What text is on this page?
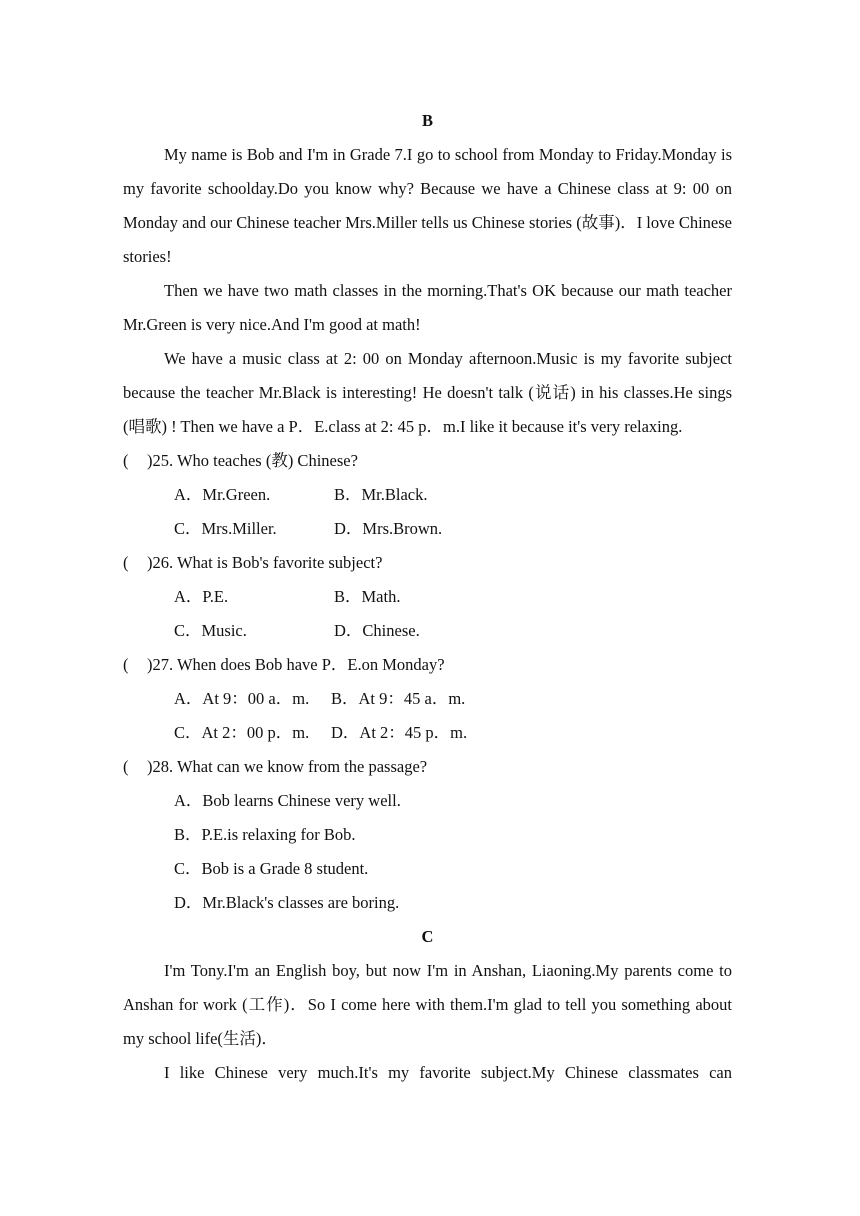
B

My name is Bob and I'm in Grade 7.I go to school from Monday to Friday.Monday is my favorite schoolday.Do you know why? Because we have a Chinese class at 9: 00 on Monday and our Chinese teacher Mrs.Miller tells us Chinese stories (故事)．I love Chinese stories!

Then we have two math classes in the morning.That's OK because our math teacher Mr.Green is very nice.And I'm good at math!

We have a music class at 2: 00 on Monday afternoon.Music is my favorite subject because the teacher Mr.Black is interesting! He doesn't talk (说话) in his classes.He sings (唱歌) ! Then we have a P．E.class at 2: 45 p．m.I like it because it's very relaxing.

( )25. Who teaches (教) Chinese?
A．Mr.Green.	B．Mr.Black.
C．Mrs.Miller.	D．Mrs.Brown.
( )26. What is Bob's favorite subject?
A．P.E.	B．Math.
C．Music.	D．Chinese.
( )27. When does Bob have P．E.on Monday?
A．At 9：00 a．m. B．At 9：45 a．m.
C．At 2：00 p．m. D．At 2：45 p．m.
( )28. What can we know from the passage?
A．Bob learns Chinese very well.
B．P.E.is relaxing for Bob.
C．Bob is a Grade 8 student.
D．Mr.Black's classes are boring.
C

I'm Tony.I'm an English boy, but now I'm in Anshan, Liaoning.My parents come to Anshan for work (工作)．So I come here with them.I'm glad to tell you something about my school life(生活)．

I like Chinese very much.It's my favorite subject.My Chinese classmates can
